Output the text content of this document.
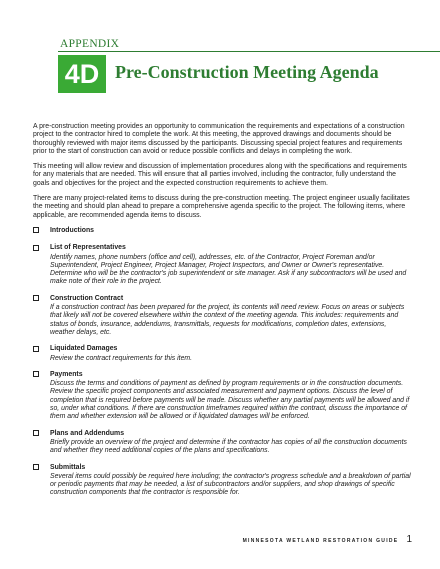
APPENDIX
4D Pre-Construction Meeting Agenda

A pre-construction meeting provides an opportunity to communication the requirements and expectations of a construction project to the contractor hired to complete the work. At this meeting, the approved drawings and documents should be thoroughly reviewed with major items discussed by the participants. Discussing special project features and requirements prior to the start of construction can avoid or reduce possible conflicts and delays in completing the work.

This meeting will allow review and discussion of implementation procedures along with the specifications and requirements for any materials that are needed. This will ensure that all parties involved, including the contractor, fully understand the goals and objectives for the project and the expected construction requirements to achieve them.

There are many project-related items to discuss during the pre-construction meeting. The project engineer usually facilitates the meeting and should plan ahead to prepare a comprehensive agenda specific to the project. The following items, where applicable, are recommended agenda items to discuss.

Introductions
List of Representatives
Identify names, phone numbers (office and cell), addresses, etc. of the Contractor, Project Foreman and/or Superintendent, Project Engineer, Project Manager, Project Inspectors, and Owner or Owner's representative. Determine who will be the contractor's job superintendent or site manager. Ask if any subcontractors will be used and make note of their role in the project.
Construction Contract
If a construction contract has been prepared for the project, its contents will need review. Focus on areas or subjects that likely will not be covered elsewhere within the context of the meeting agenda. This includes: requirements and status of bonds, insurance, addendums, transmittals, requests for modifications, completion dates, extensions, weather delays, etc.
Liquidated Damages
Review the contract requirements for this item.
Payments
Discuss the terms and conditions of payment as defined by program requirements or in the construction documents. Review the specific project components and associated measurement and payment options. Discuss the level of completion that is required before payments will be made. Discuss whether any partial payments will be allowed and if so, under what conditions. If there are construction timeframes required within the contract, discuss the importance of them and whether extension will be allowed or if liquidated damages will be enforced.
Plans and Addendums
Briefly provide an overview of the project and determine if the contractor has copies of all the construction documents and whether they need additional copies of the plans and specifications.
Submittals
Several items could possibly be required here including; the contractor's progress schedule and a breakdown of partial or periodic payments that may be needed, a list of subcontractors and/or suppliers, and shop drawings of specific construction components that the contractor is responsible for.
MINNESOTA WETLAND RESTORATION GUIDE 1
